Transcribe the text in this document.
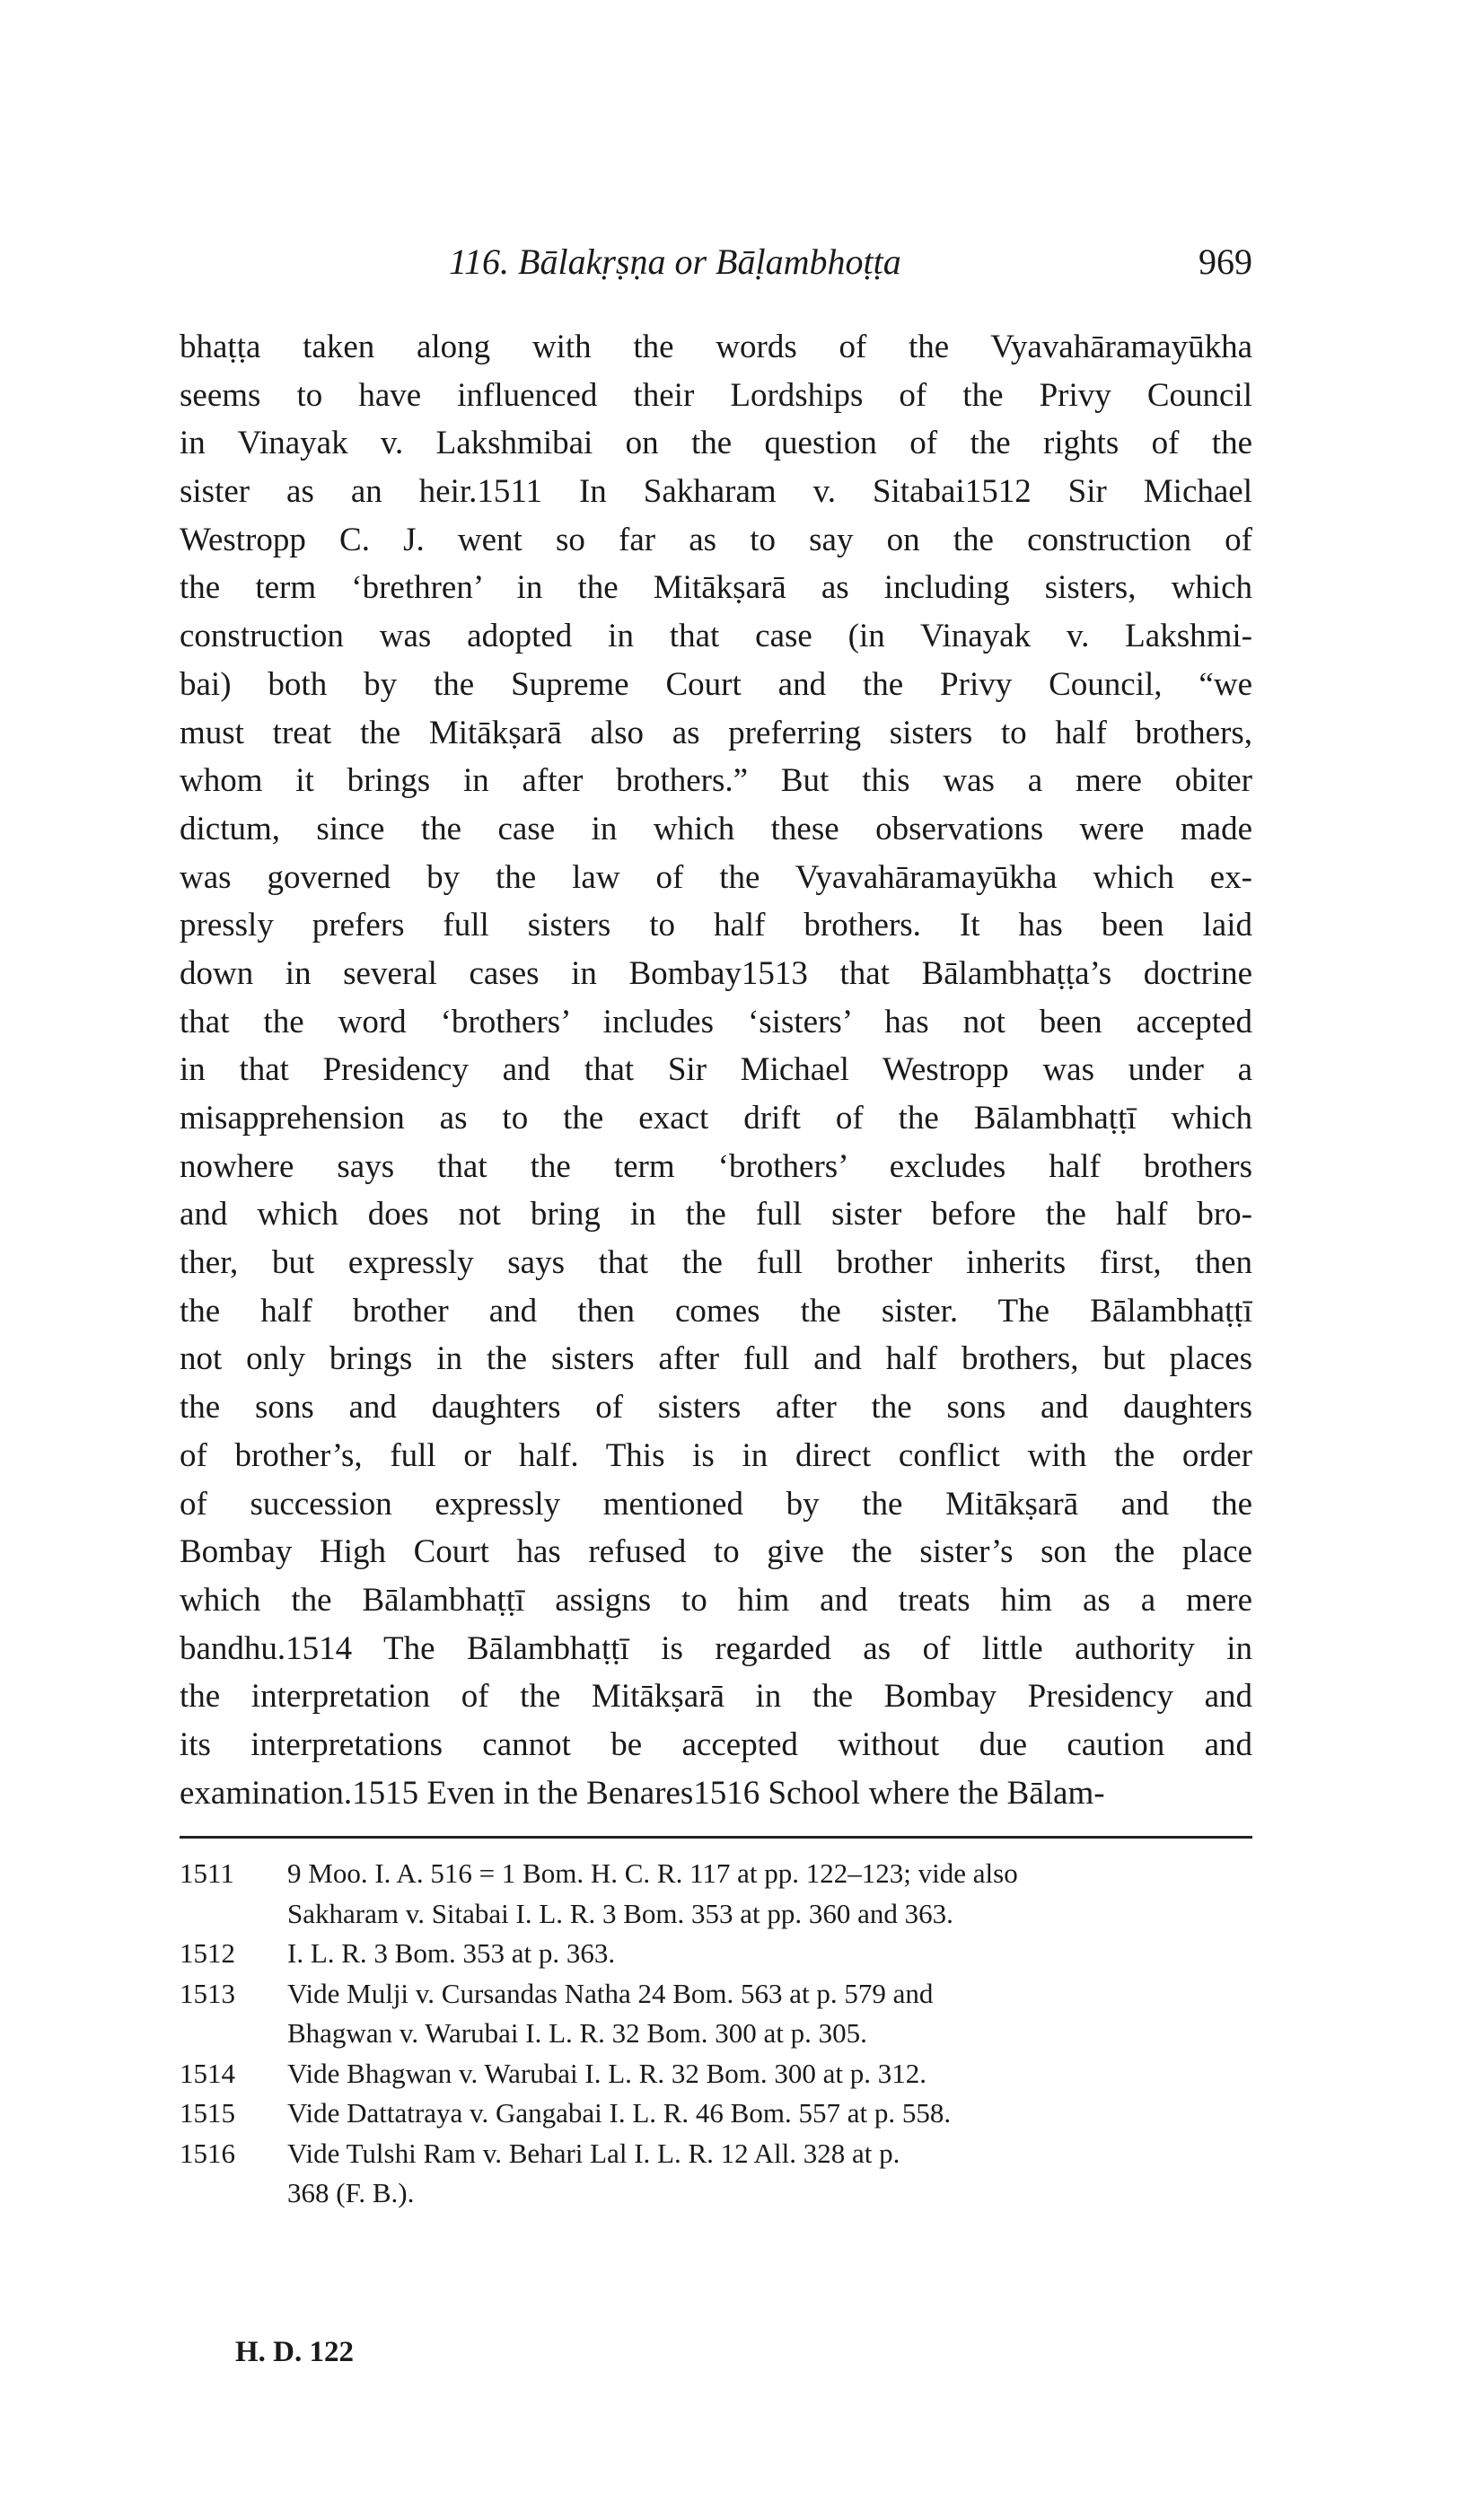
116. Bālakṛṣṇa or Bāḷambhoṭṭa	969
bhaṭṭa taken along with the words of the Vyavahāramayūkha
seems to have influenced their Lordships of the Privy Council
in Vinayak v. Lakshmibai on the question of the rights of the
sister as an heir.1511 In Sakharam v. Sitabai1512 Sir Michael
Westropp C. J. went so far as to say on the construction of
the term ‘brethren’ in the Mitākṣarā as including sisters, which
construction was adopted in that case (in Vinayak v. Lakshmi-
bai) both by the Supreme Court and the Privy Council, “we
must treat the Mitākṣarā also as preferring sisters to half brothers,
whom it brings in after brothers.” But this was a mere obiter
dictum, since the case in which these observations were made
was governed by the law of the Vyavahāramayūkha which ex-
pressly prefers full sisters to half brothers. It has been laid
down in several cases in Bombay1513 that Bālambhaṭṭa’s doctrine
that the word ‘brothers’ includes ‘sisters’ has not been accepted
in that Presidency and that Sir Michael Westropp was under a
misapprehension as to the exact drift of the Bālambhaṭṭī which
nowhere says that the term ‘brothers’ excludes half brothers
and which does not bring in the full sister before the half bro-
ther, but expressly says that the full brother inherits first, then
the half brother and then comes the sister. The Bālambhaṭṭī
not only brings in the sisters after full and half brothers, but places
the sons and daughters of sisters after the sons and daughters
of brother’s, full or half. This is in direct conflict with the order
of succession expressly mentioned by the Mitākṣarā and the
Bombay High Court has refused to give the sister’s son the place
which the Bālambhaṭṭī assigns to him and treats him as a mere
bandhu.1514 The Bālambhaṭṭī is regarded as of little authority in
the interpretation of the Mitākṣarā in the Bombay Presidency and
its interpretations cannot be accepted without due caution and
examination.1515 Even in the Benares1516 School where the Bālam-
1511	9 Moo. I. A. 516 = 1 Bom. H. C. R. 117 at pp. 122–123; vide also
Sakharam v. Sitabai I. L. R. 3 Bom. 353 at pp. 360 and 363.
1512	I. L. R. 3 Bom. 353 at p. 363.
1513	Vide Mulji v. Cursandas Natha 24 Bom. 563 at p. 579 and
Bhagwan v. Warubai I. L. R. 32 Bom. 300 at p. 305.
1514	Vide Bhagwan v. Warubai I. L. R. 32 Bom. 300 at p. 312.
1515	Vide Dattatraya v. Gangabai I. L. R. 46 Bom. 557 at p. 558.
1516	Vide Tulshi Ram v. Behari Lal I. L. R. 12 All. 328 at p.
368 (F. B.).
H. D. 122
